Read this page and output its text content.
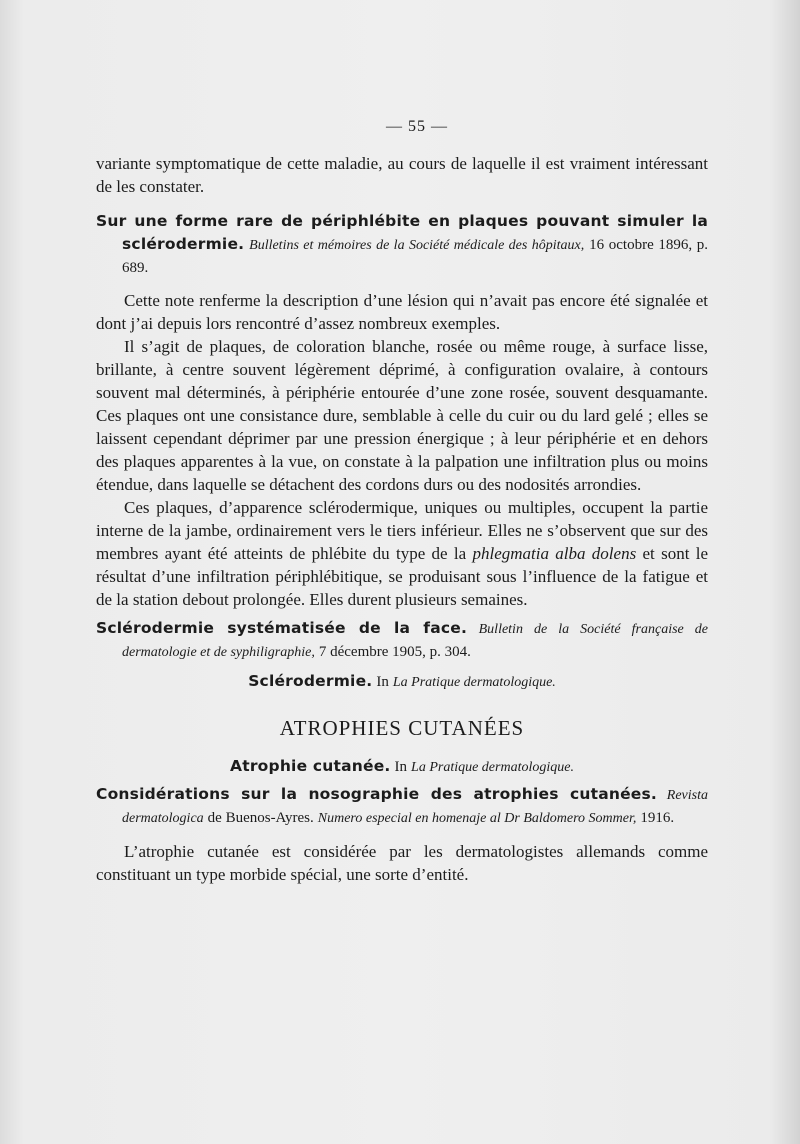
— 55 —

variante symptomatique de cette maladie, au cours de laquelle il est vraiment intéressant de les constater.

Sur une forme rare de périphlébite en plaques pouvant simuler la sclérodermie. Bulletins et mémoires de la Société médicale des hôpitaux, 16 octobre 1896, p. 689.

Cette note renferme la description d’une lésion qui n’avait pas encore été signalée et dont j’ai depuis lors rencontré d’assez nombreux exemples.

Il s’agit de plaques, de coloration blanche, rosée ou même rouge, à surface lisse, brillante, à centre souvent légèrement déprimé, à configuration ovalaire, à contours souvent mal déterminés, à périphérie entourée d’une zone rosée, souvent desquamante. Ces plaques ont une consistance dure, semblable à celle du cuir ou du lard gelé ; elles se laissent cependant déprimer par une pression énergique ; à leur périphérie et en dehors des plaques apparentes à la vue, on constate à la palpation une infiltration plus ou moins étendue, dans laquelle se détachent des cordons durs ou des nodosités arrondies.

Ces plaques, d’apparence sclérodermique, uniques ou multiples, occupent la partie interne de la jambe, ordinairement vers le tiers inférieur. Elles ne s’observent que sur des membres ayant été atteints de phlébite du type de la phlegmatia alba dolens et sont le résultat d’une infiltration périphlébitique, se produisant sous l’influence de la fatigue et de la station debout prolongée. Elles durent plusieurs semaines.

Sclérodermie systématisée de la face. Bulletin de la Société française de dermatologie et de syphiligraphie, 7 décembre 1905, p. 304.
Sclérodermie. In La Pratique dermatologique.
ATROPHIES CUTANÉES
Atrophie cutanée. In La Pratique dermatologique.
Considérations sur la nosographie des atrophies cutanées. Revista dermatologica de Buenos-Ayres. Numero especial en homenaje al Dr Baldomero Sommer, 1916.

L’atrophie cutanée est considérée par les dermatologistes allemands comme constituant un type morbide spécial, une sorte d’entité.
